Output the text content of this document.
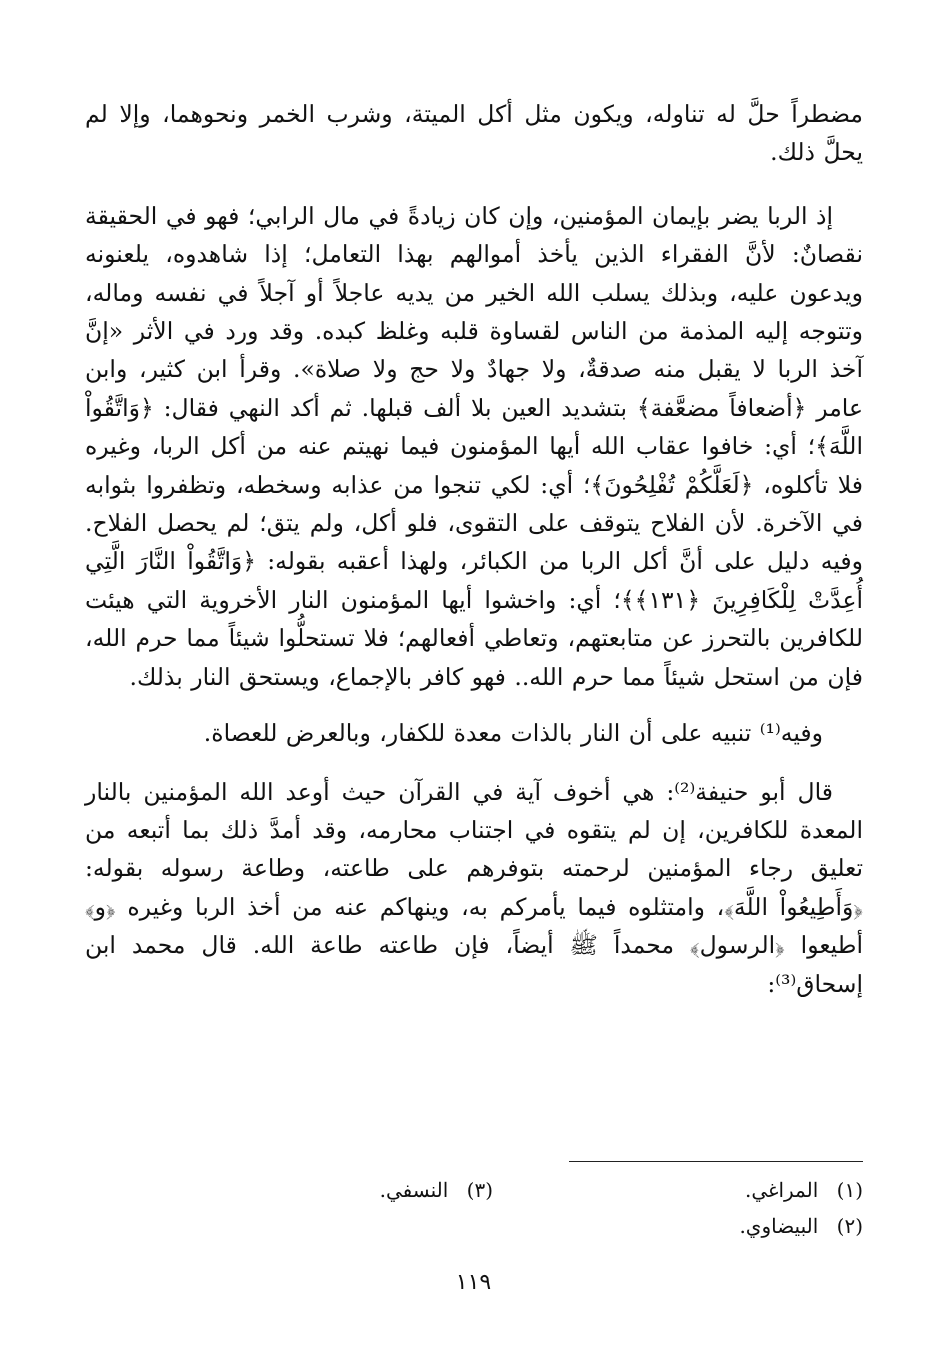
مضطراً حلَّ له تناوله، ويكون مثل أكل الميتة، وشرب الخمر ونحوهما، وإلا لم يحلَّ ذلك.

إذ الربا يضر بإيمان المؤمنين، وإن كان زيادةً في مال الرابي؛ فهو في الحقيقة نقصانٌ: لأنَّ الفقراء الذين يأخذ أموالهم بهذا التعامل؛ إذا شاهدوه، يلعنونه ويدعون عليه، وبذلك يسلب الله الخير من يديه عاجلاً أو آجلاً في نفسه وماله، وتتوجه إليه المذمة من الناس لقساوة قلبه وغلظ كبده. وقد ورد في الأثر «إنَّ آخذ الربا لا يقبل منه صدقةٌ، ولا جهادٌ ولا حج ولا صلاة». وقرأ ابن كثير، وابن عامر ﴿أضعافاً مضعَّفة﴾ بتشديد العين بلا ألف قبلها. ثم أكد النهي فقال: ﴿وَاتَّقُواْ اللَّهَ﴾؛ أي: خافوا عقاب الله أيها المؤمنون فيما نهيتم عنه من أكل الربا، وغيره فلا تأكلوه، ﴿لَعَلَّكُمْ تُفْلِحُونَ﴾؛ أي: لكي تنجوا من عذابه وسخطه، وتظفروا بثوابه في الآخرة. لأن الفلاح يتوقف على التقوى، فلو أكل، ولم يتق؛ لم يحصل الفلاح. وفيه دليل على أنَّ أكل الربا من الكبائر، ولهذا أعقبه بقوله: ﴿وَاتَّقُواْ النَّارَ الَّتِي أُعِدَّتْ لِلْكَافِرِينَ ﴿١٣١﴾﴾؛ أي: واخشوا أيها المؤمنون النار الأخروية التي هيئت للكافرين بالتحرز عن متابعتهم، وتعاطي أفعالهم؛ فلا تستحلُّوا شيئاً مما حرم الله، فإن من استحل شيئاً مما حرم الله.. فهو كافر بالإجماع، ويستحق النار بذلك.

وفيه⁽¹⁾ تنبيه على أن النار بالذات معدة للكفار، وبالعرض للعصاة.

قال أبو حنيفة⁽²⁾: هي أخوف آية في القرآن حيث أوعد الله المؤمنين بالنار المعدة للكافرين، إن لم يتقوه في اجتناب محارمه، وقد أمدَّ ذلك بما أتبعه من تعليق رجاء المؤمنين لرحمته بتوفرهم على طاعته، وطاعة رسوله بقوله: ﴿وَأَطِيعُواْ اللَّهَ﴾، وامتثلوه فيما يأمركم به، وينهاكم عنه من أخذ الربا وغيره ﴿و﴾ أطيعوا ﴿الرسول﴾ محمداً ﷺ أيضاً، فإن طاعته طاعة الله. قال محمد ابن إسحاق⁽³⁾:

(١) المراغي.
(٣) النسفي.
(٢) البيضاوي.
١١٩
